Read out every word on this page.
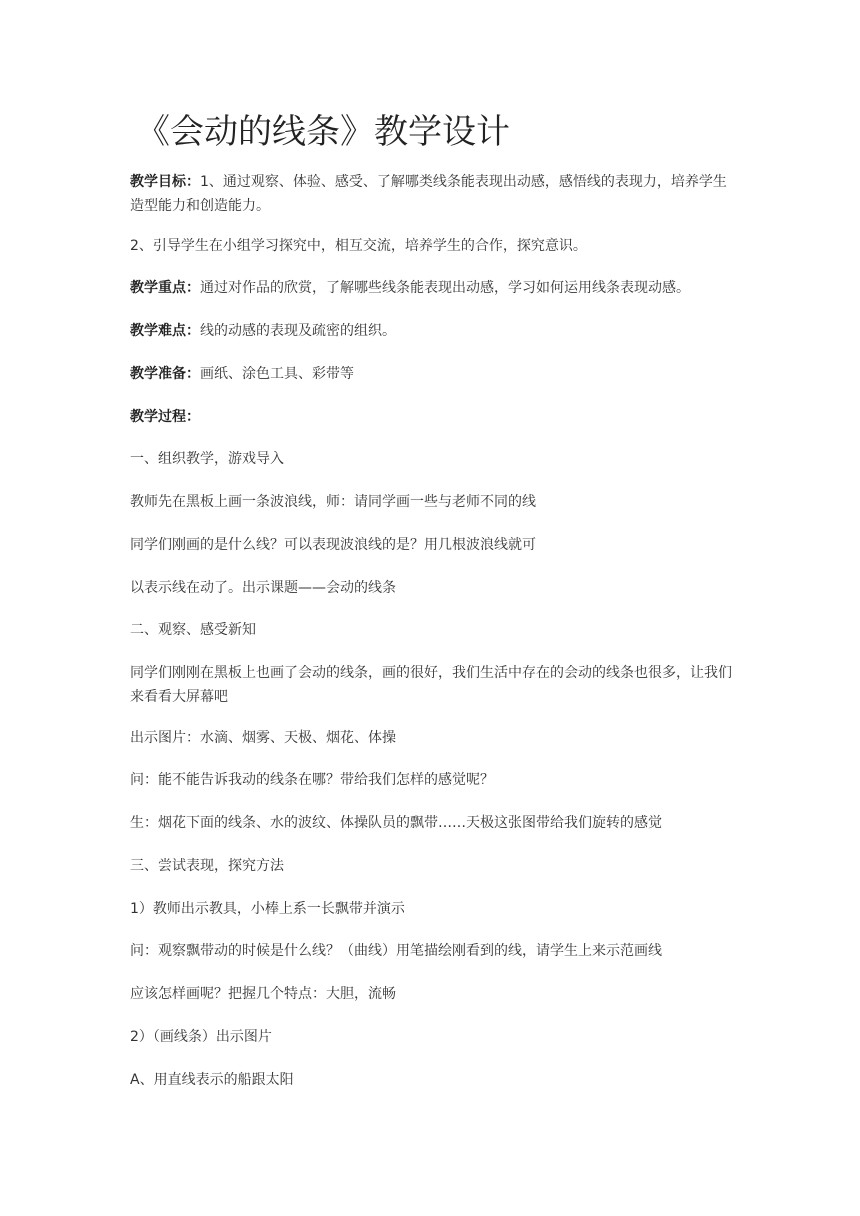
《会动的线条》教学设计
教学目标：1、通过观察、体验、感受、了解哪类线条能表现出动感，感悟线的表现力，培养学生造型能力和创造能力。
2、引导学生在小组学习探究中，相互交流，培养学生的合作，探究意识。
教学重点：通过对作品的欣赏，了解哪些线条能表现出动感，学习如何运用线条表现动感。
教学难点：线的动感的表现及疏密的组织。
教学准备：画纸、涂色工具、彩带等
教学过程：
一、组织教学，游戏导入
教师先在黑板上画一条波浪线，师：请同学画一些与老师不同的线
同学们刚画的是什么线？可以表现波浪线的是？用几根波浪线就可
以表示线在动了。出示课题——会动的线条
二、观察、感受新知
同学们刚刚在黑板上也画了会动的线条，画的很好，我们生活中存在的会动的线条也很多，让我们来看看大屏幕吧
出示图片：水滴、烟雾、天极、烟花、体操
问：能不能告诉我动的线条在哪？带给我们怎样的感觉呢？
生：烟花下面的线条、水的波纹、体操队员的飘带……天极这张图带给我们旋转的感觉
三、尝试表现，探究方法
1）教师出示教具，小棒上系一长飘带并演示
问：观察飘带动的时候是什么线？（曲线）用笔描绘刚看到的线，请学生上来示范画线
应该怎样画呢？把握几个特点：大胆，流畅
2）（画线条）出示图片
A、用直线表示的船跟太阳
